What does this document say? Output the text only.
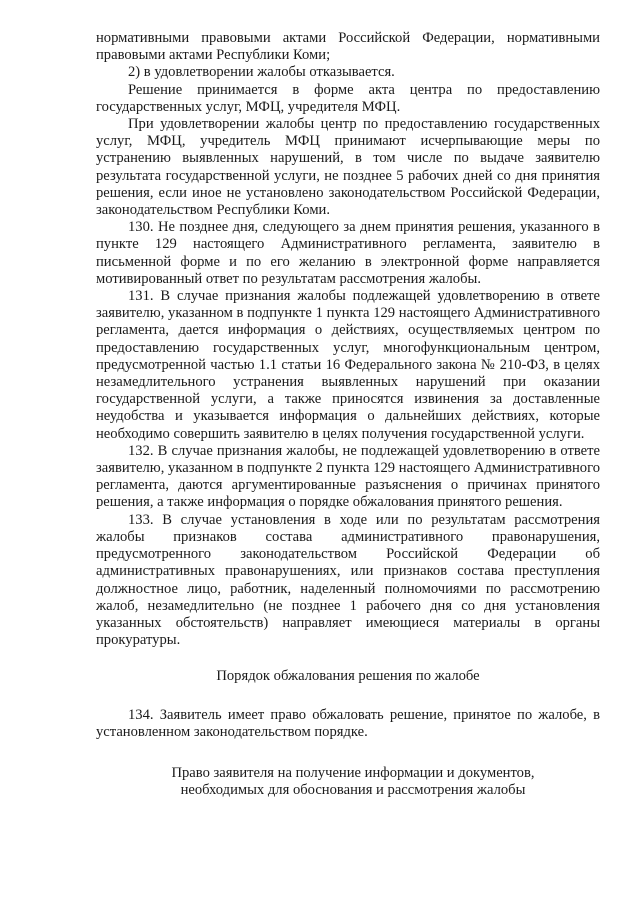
нормативными правовыми актами Российской Федерации, нормативными правовыми актами Республики Коми;

2) в удовлетворении жалобы отказывается.

Решение принимается в форме акта центра по предоставлению государственных услуг, МФЦ, учредителя МФЦ.

При удовлетворении жалобы центр по предоставлению государственных услуг, МФЦ, учредитель МФЦ принимают исчерпывающие меры по устранению выявленных нарушений, в том числе по выдаче заявителю результата государственной услуги, не позднее 5 рабочих дней со дня принятия решения, если иное не установлено законодательством Российской Федерации, законодательством Республики Коми.

130. Не позднее дня, следующего за днем принятия решения, указанного в пункте 129 настоящего Административного регламента, заявителю в письменной форме и по его желанию в электронной форме направляется мотивированный ответ по результатам рассмотрения жалобы.

131. В случае признания жалобы подлежащей удовлетворению в ответе заявителю, указанном в подпункте 1 пункта 129 настоящего Административного регламента, дается информация о действиях, осуществляемых центром по предоставлению государственных услуг, многофункциональным центром, предусмотренной частью 1.1 статьи 16 Федерального закона № 210-ФЗ, в целях незамедлительного устранения выявленных нарушений при оказании государственной услуги, а также приносятся извинения за доставленные неудобства и указывается информация о дальнейших действиях, которые необходимо совершить заявителю в целях получения государственной услуги.

132. В случае признания жалобы, не подлежащей удовлетворению в ответе заявителю, указанном в подпункте 2 пункта 129 настоящего Административного регламента, даются аргументированные разъяснения о причинах принятого решения, а также информация о порядке обжалования принятого решения.

133. В случае установления в ходе или по результатам рассмотрения жалобы признаков состава административного правонарушения, предусмотренного законодательством Российской Федерации об административных правонарушениях, или признаков состава преступления должностное лицо, работник, наделенный полномочиями по рассмотрению жалоб, незамедлительно (не позднее 1 рабочего дня со дня установления указанных обстоятельств) направляет имеющиеся материалы в органы прокуратуры.

Порядок обжалования решения по жалобе

134. Заявитель имеет право обжаловать решение, принятое по жалобе, в установленном законодательством порядке.

Право заявителя на получение информации и документов,
необходимых для обоснования и рассмотрения жалобы
